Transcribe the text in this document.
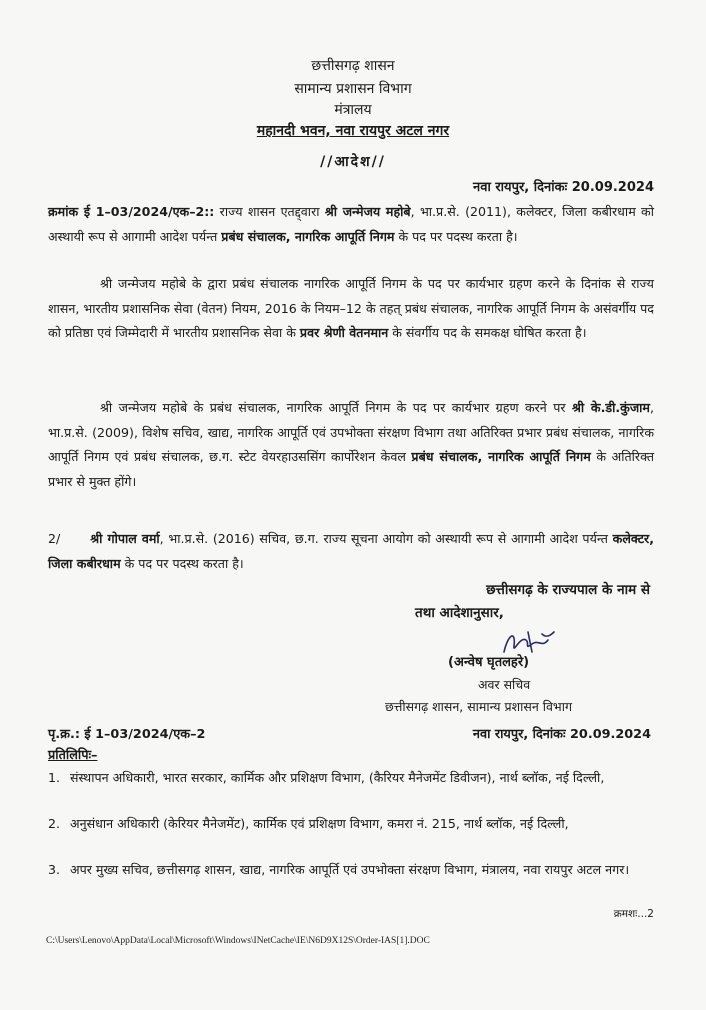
छत्तीसगढ़ शासन
सामान्य प्रशासन विभाग
मंत्रालय
महानदी भवन, नवा रायपुर अटल नगर
//आदेश//
नवा रायपुर, दिनांकः 20.09.2024

क्रमांक ई 1–03/2024/एक–2:: राज्य शासन एतद्द्वारा श्री जन्मेजय महोबे, भा.प्र.से. (2011), कलेक्टर, जिला कबीरधाम को अस्थायी रूप से आगामी आदेश पर्यन्त प्रबंध संचालक, नागरिक आपूर्ति निगम के पद पर पदस्थ करता है।

श्री जन्मेजय महोबे के द्वारा प्रबंध संचालक नागरिक आपूर्ति निगम के पद पर कार्यभार ग्रहण करने के दिनांक से राज्य शासन, भारतीय प्रशासनिक सेवा (वेतन) नियम, 2016 के नियम–12 के तहत् प्रबंध संचालक, नागरिक आपूर्ति निगम के असंवर्गीय पद को प्रतिष्ठा एवं जिम्मेदारी में भारतीय प्रशासनिक सेवा के प्रवर श्रेणी वेतनमान के संवर्गीय पद के समकक्ष घोषित करता है।

श्री जन्मेजय महोबे के प्रबंध संचालक, नागरिक आपूर्ति निगम के पद पर कार्यभार ग्रहण करने पर श्री के.डी.कुंजाम, भा.प्र.से. (2009), विशेष सचिव, खाद्य, नागरिक आपूर्ति एवं उपभोक्ता संरक्षण विभाग तथा अतिरिक्त प्रभार प्रबंध संचालक, नागरिक आपूर्ति निगम एवं प्रबंध संचालक, छ.ग. स्टेट वेयरहाउससिंग कार्पोरेशन केवल प्रबंध संचालक, नागरिक आपूर्ति निगम के अतिरिक्त प्रभार से मुक्त होंगे।

2/ श्री गोपाल वर्मा, भा.प्र.से. (2016) सचिव, छ.ग. राज्य सूचना आयोग को अस्थायी रूप से आगामी आदेश पर्यन्त कलेक्टर, जिला कबीरधाम के पद पर पदस्थ करता है।

छत्तीसगढ़ के राज्यपाल के नाम से
तथा आदेशानुसार,
(अन्वेष घृतलहरे)
अवर सचिव
छत्तीसगढ़ शासन, सामान्य प्रशासन विभाग
पृ.क्र.: ई 1–03/2024/एक–2	नवा रायपुर, दिनांकः 20.09.2024
प्रतिलिपिः–
1. संस्थापन अधिकारी, भारत सरकार, कार्मिक और प्रशिक्षण विभाग, (कैरियर मैनेजमेंट डिवीजन), नार्थ ब्लॉक, नई दिल्ली,
2. अनुसंधान अधिकारी (केरियर मैनेजमेंट), कार्मिक एवं प्रशिक्षण विभाग, कमरा नं. 215, नार्थ ब्लॉक, नई दिल्ली,
3. अपर मुख्य सचिव, छत्तीसगढ़ शासन, खाद्य, नागरिक आपूर्ति एवं उपभोक्ता संरक्षण विभाग, मंत्रालय, नवा रायपुर अटल नगर।
क्रमशः...2
C:\Users\Lenovo\AppData\Local\Microsoft\Windows\INetCache\IE\N6D9X12S\Order-IAS[1].DOC
